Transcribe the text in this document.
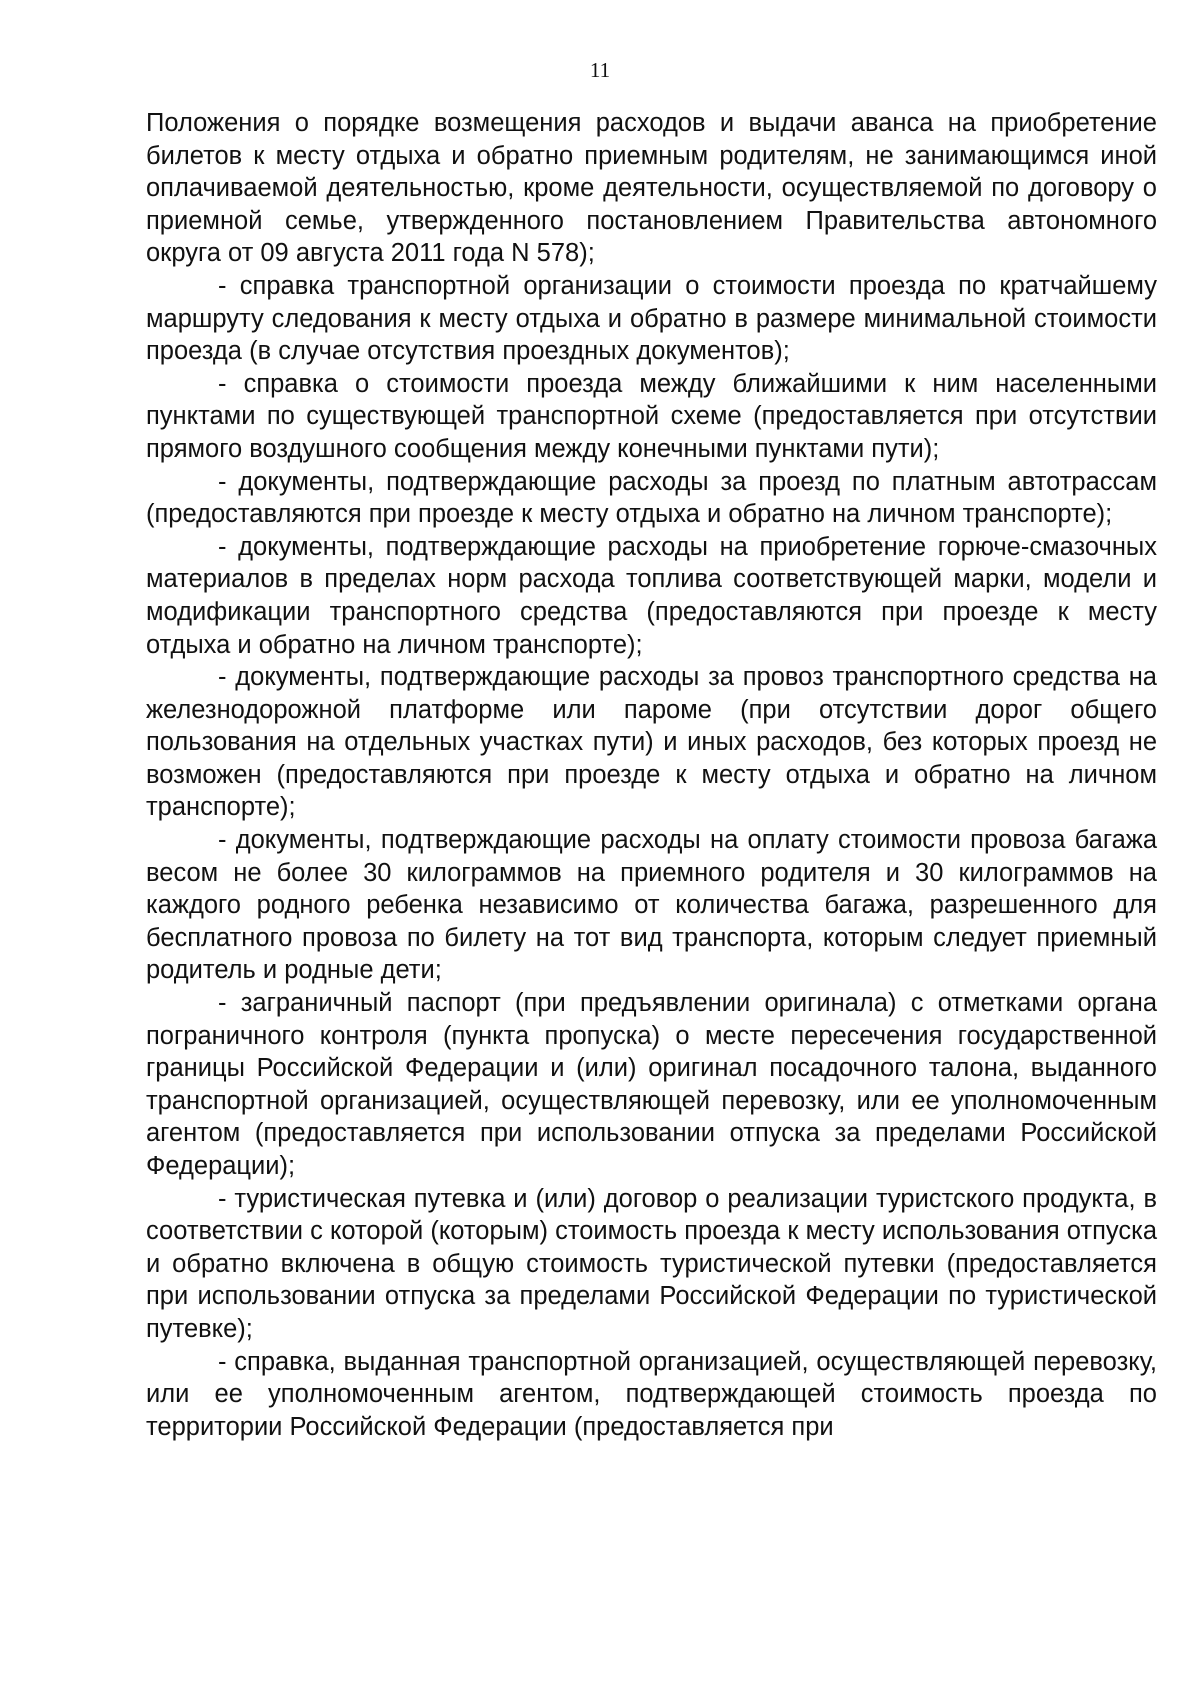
11

Положения о порядке возмещения расходов и выдачи аванса на приобретение билетов к месту отдыха и обратно приемным родителям, не занимающимся иной оплачиваемой деятельностью, кроме деятельности, осуществляемой по договору о приемной семье, утвержденного постановлением Правительства автономного округа от 09 августа 2011 года N 578);

- справка транспортной организации о стоимости проезда по кратчайшему маршруту следования к месту отдыха и обратно в размере минимальной стоимости проезда (в случае отсутствия проездных документов);

- справка о стоимости проезда между ближайшими к ним населенными пунктами по существующей транспортной схеме (предоставляется при отсутствии прямого воздушного сообщения между конечными пунктами пути);

- документы, подтверждающие расходы за проезд по платным автотрассам (предоставляются при проезде к месту отдыха и обратно на личном транспорте);

- документы, подтверждающие расходы на приобретение горюче-смазочных материалов в пределах норм расхода топлива соответствующей марки, модели и модификации транспортного средства (предоставляются при проезде к месту отдыха и обратно на личном транспорте);

- документы, подтверждающие расходы за провоз транспортного средства на железнодорожной платформе или пароме (при отсутствии дорог общего пользования на отдельных участках пути) и иных расходов, без которых проезд не возможен (предоставляются при проезде к месту отдыха и обратно на личном транспорте);

- документы, подтверждающие расходы на оплату стоимости провоза багажа весом не более 30 килограммов на приемного родителя и 30 килограммов на каждого родного ребенка независимо от количества багажа, разрешенного для бесплатного провоза по билету на тот вид транспорта, которым следует приемный родитель и родные дети;

- заграничный паспорт (при предъявлении оригинала) с отметками органа пограничного контроля (пункта пропуска) о месте пересечения государственной границы Российской Федерации и (или) оригинал посадочного талона, выданного транспортной организацией, осуществляющей перевозку, или ее уполномоченным агентом (предоставляется при использовании отпуска за пределами Российской Федерации);

- туристическая путевка и (или) договор о реализации туристского продукта, в соответствии с которой (которым) стоимость проезда к месту использования отпуска и обратно включена в общую стоимость туристической путевки (предоставляется при использовании отпуска за пределами Российской Федерации по туристической путевке);

- справка, выданная транспортной организацией, осуществляющей перевозку, или ее уполномоченным агентом, подтверждающей стоимость проезда по территории Российской Федерации (предоставляется при
